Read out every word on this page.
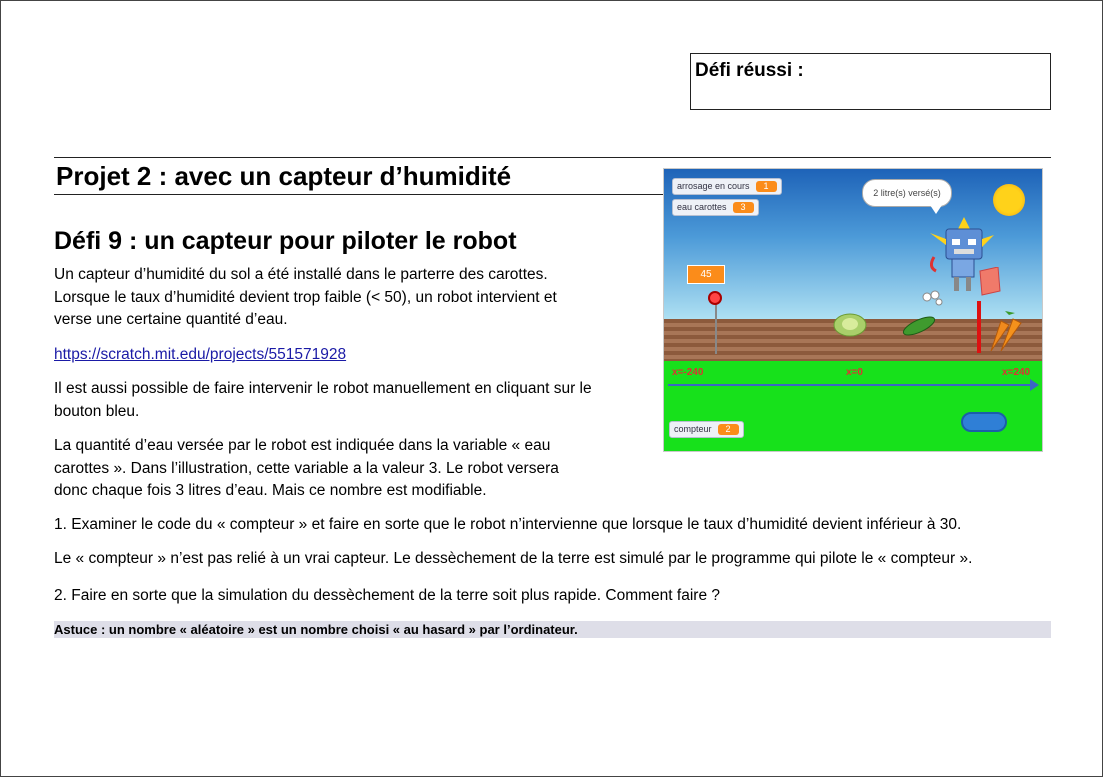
Défi réussi :
Projet 2 : avec un capteur d’humidité
Défi 9 : un capteur pour piloter le robot
Un capteur d’humidité du sol a été installé dans le parterre des carottes.
Lorsque le taux d’humidité devient trop faible (< 50), un robot intervient et
verse une certaine quantité d’eau.
https://scratch.mit.edu/projects/551571928
Il est aussi possible de faire intervenir le robot manuellement en cliquant sur le
bouton bleu.
La quantité d’eau versée par le robot est indiquée dans la variable « eau
carottes ». Dans l’illustration, cette variable a la valeur 3. Le robot versera
donc chaque fois 3 litres d’eau. Mais ce nombre est modifiable.
1. Examiner le code du « compteur » et faire en sorte que le robot n’intervienne que lorsque le taux d’humidité devient inférieur à 30.
Le « compteur » n’est pas relié à un vrai capteur. Le dessèchement de la terre est simulé par le programme qui pilote le « compteur ».
2. Faire en sorte que la simulation du dessèchement de la terre soit plus rapide. Comment faire ?
Astuce : un nombre « aléatoire » est un nombre choisi « au hasard » par l’ordinateur.
arrosage en cours 1
eau carottes 3
2 litre(s) versé(s)
45
x=-240	x=0	x=240
compteur 2
